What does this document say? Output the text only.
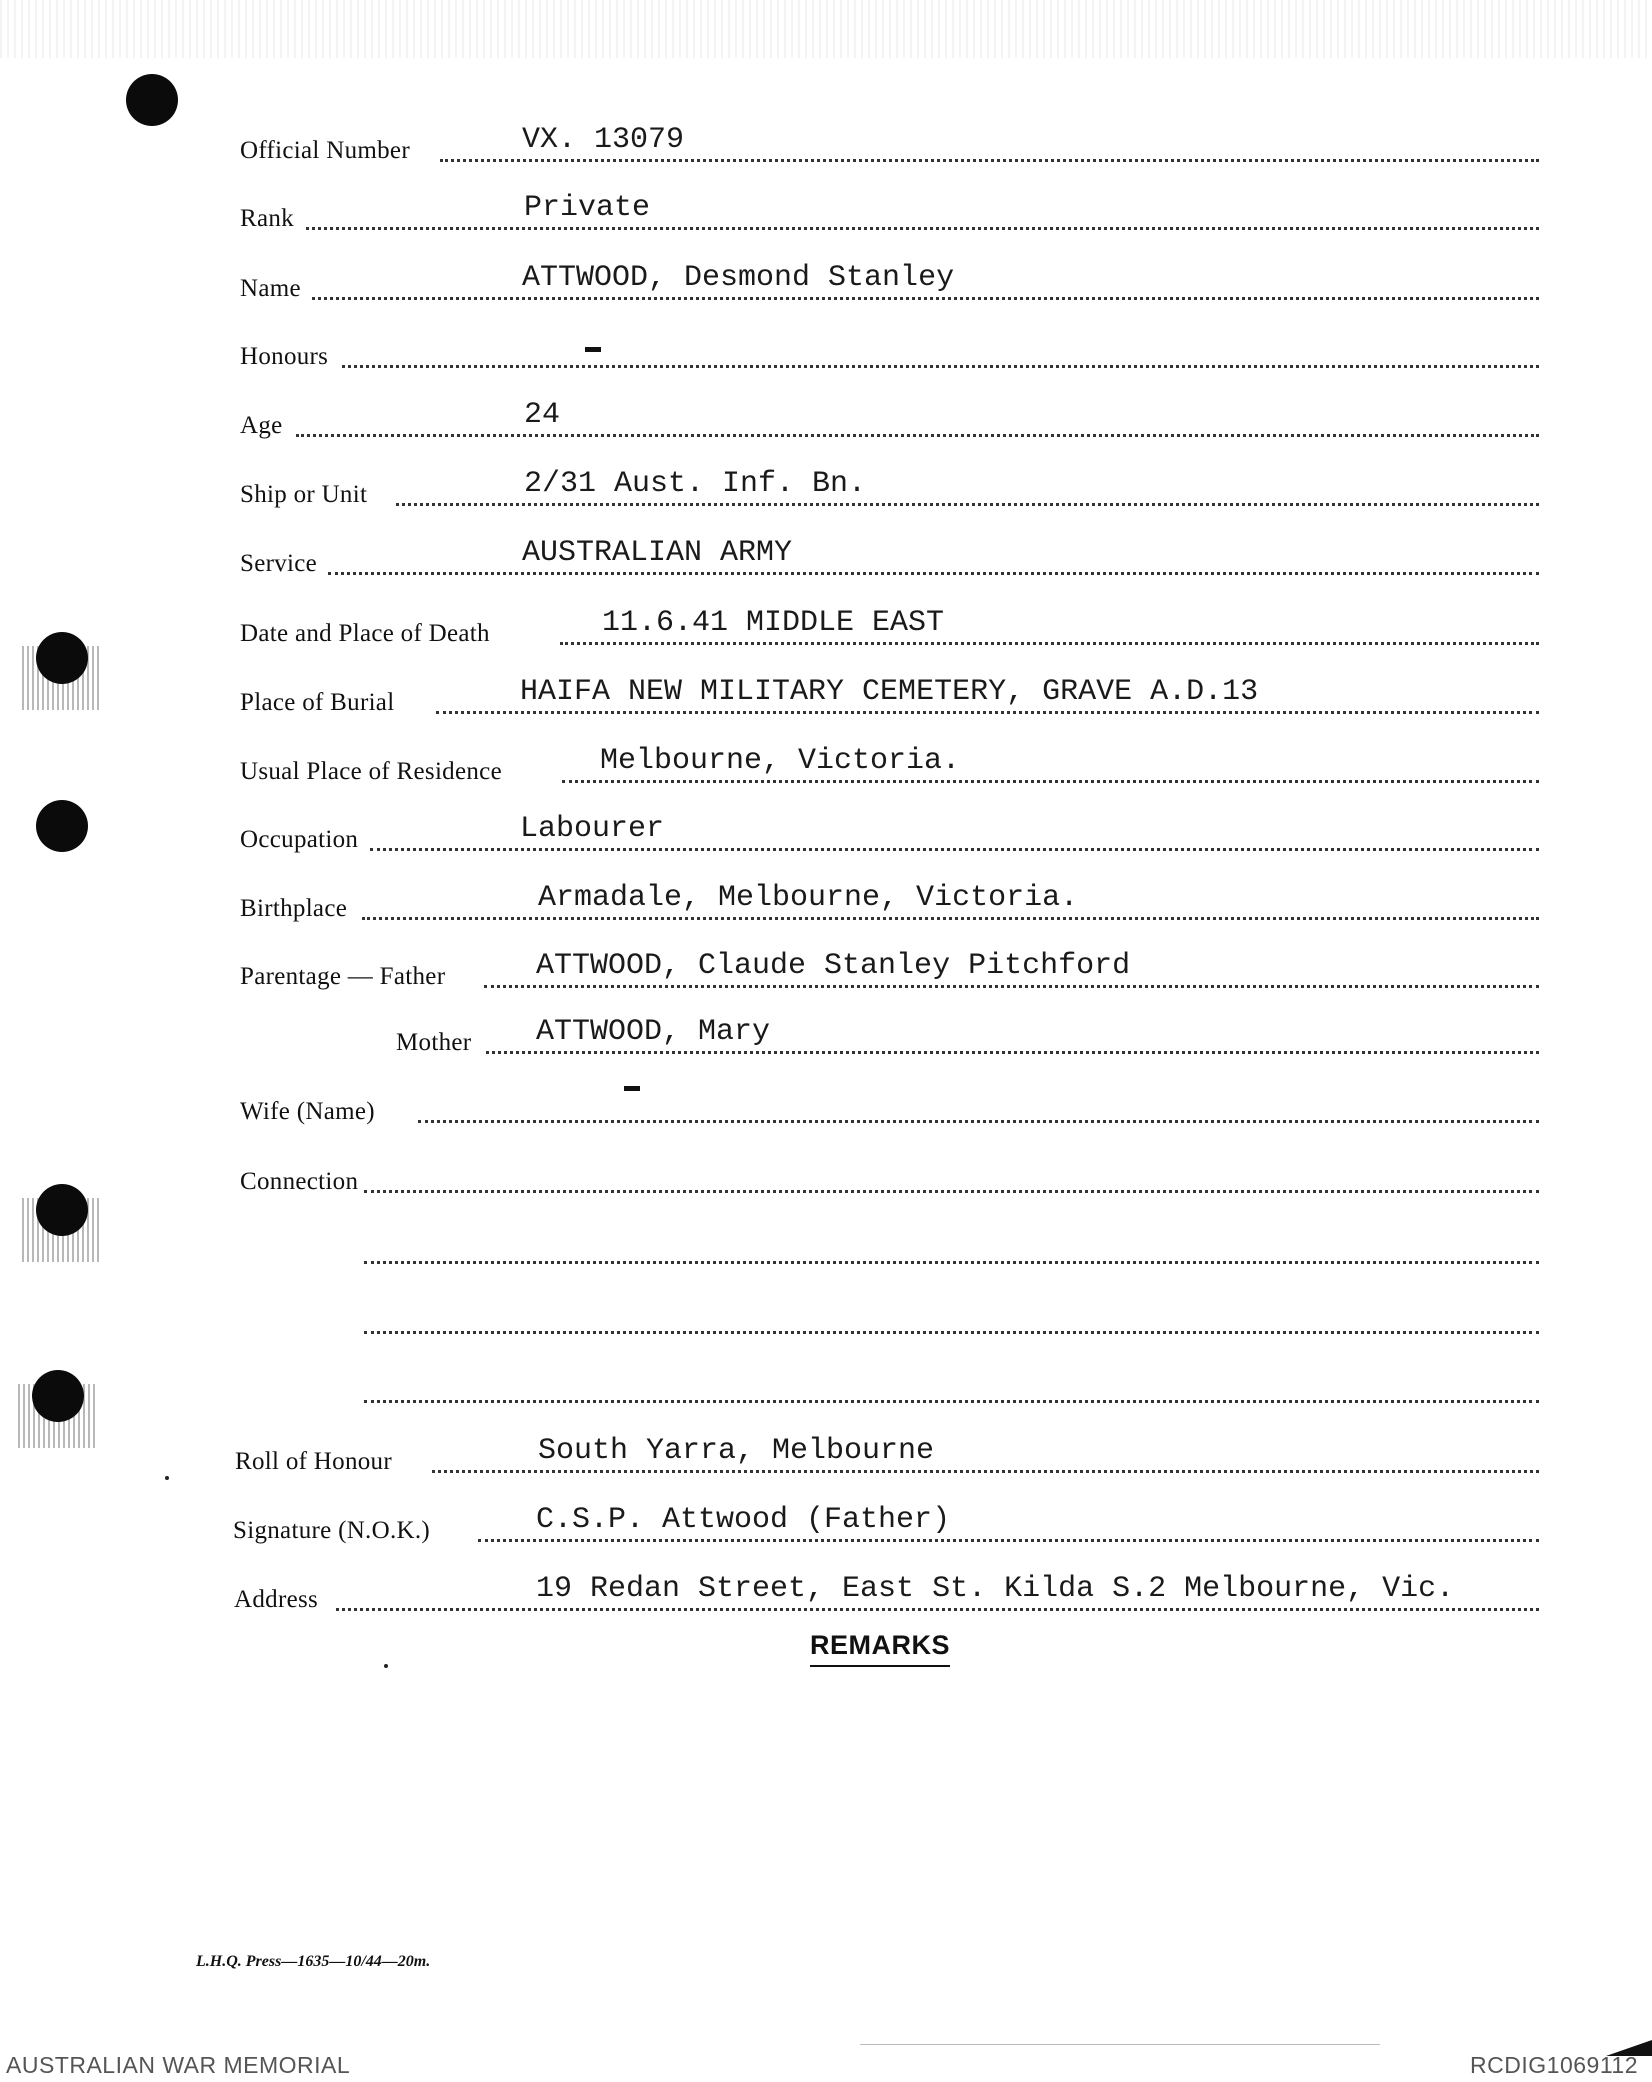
Official Number	VX. 13079
Rank	Private
Name	ATTWOOD, Desmond Stanley
Honours
Age	24
Ship or Unit	2/31 Aust. Inf. Bn.
Service	AUSTRALIAN ARMY
Date and Place of Death	11.6.41 MIDDLE EAST
Place of Burial	HAIFA NEW MILITARY CEMETERY, GRAVE A.D.13
Usual Place of Residence	Melbourne, Victoria.
Occupation	Labourer
Birthplace	Armadale, Melbourne, Victoria.
Parentage — Father	ATTWOOD, Claude Stanley Pitchford
Mother ATTWOOD, Mary
Wife (Name)
Connection
Roll of Honour	South Yarra, Melbourne
Signature (N.O.K.)	C.S.P. Attwood (Father)
Address	19 Redan Street, East St. Kilda S.2 Melbourne, Vic.
REMARKS
L.H.Q. Press—1635—10/44—20m.
AUSTRALIAN WAR MEMORIAL	RCDIG1069112
